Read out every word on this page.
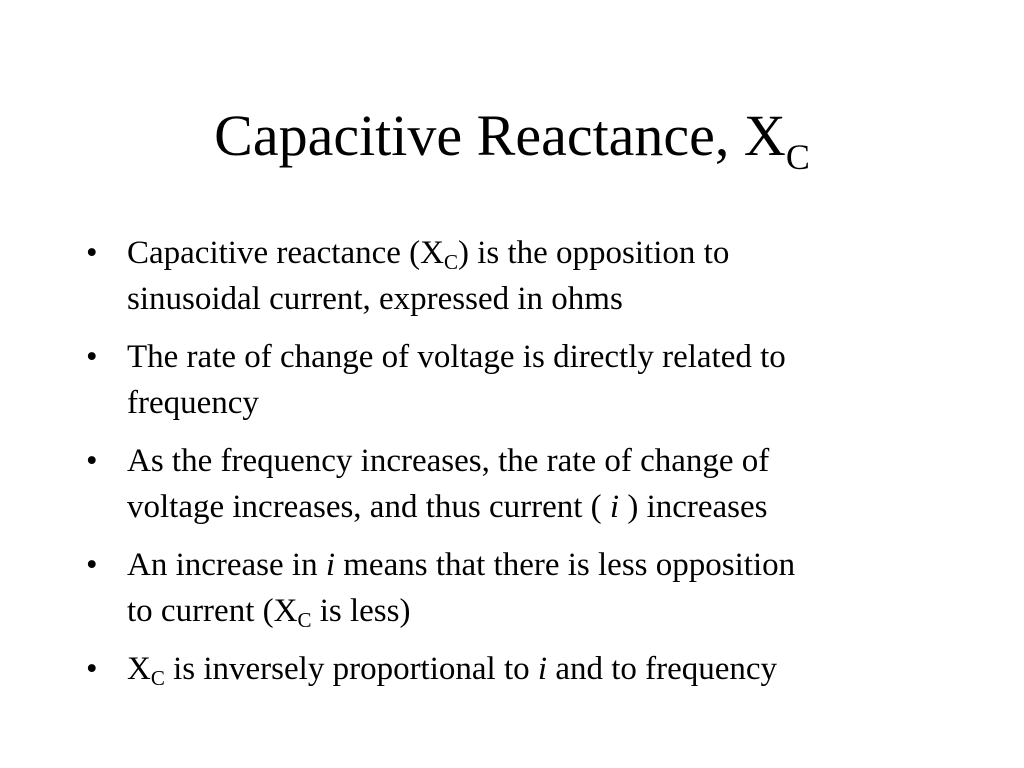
Capacitive Reactance, $X_C$
• Capacitive reactance $(X_C)$ is the opposition to
sinusoidal current, expressed in ohms
• The rate of change of voltage is directly related to
frequency
• As the frequency increases, the rate of change of
voltage increases, and thus current ( i ) increases
• An increase in i means that there is less opposition
to current ($X_C$ is less)
• $X_C$ is inversely proportional to i and to frequency
